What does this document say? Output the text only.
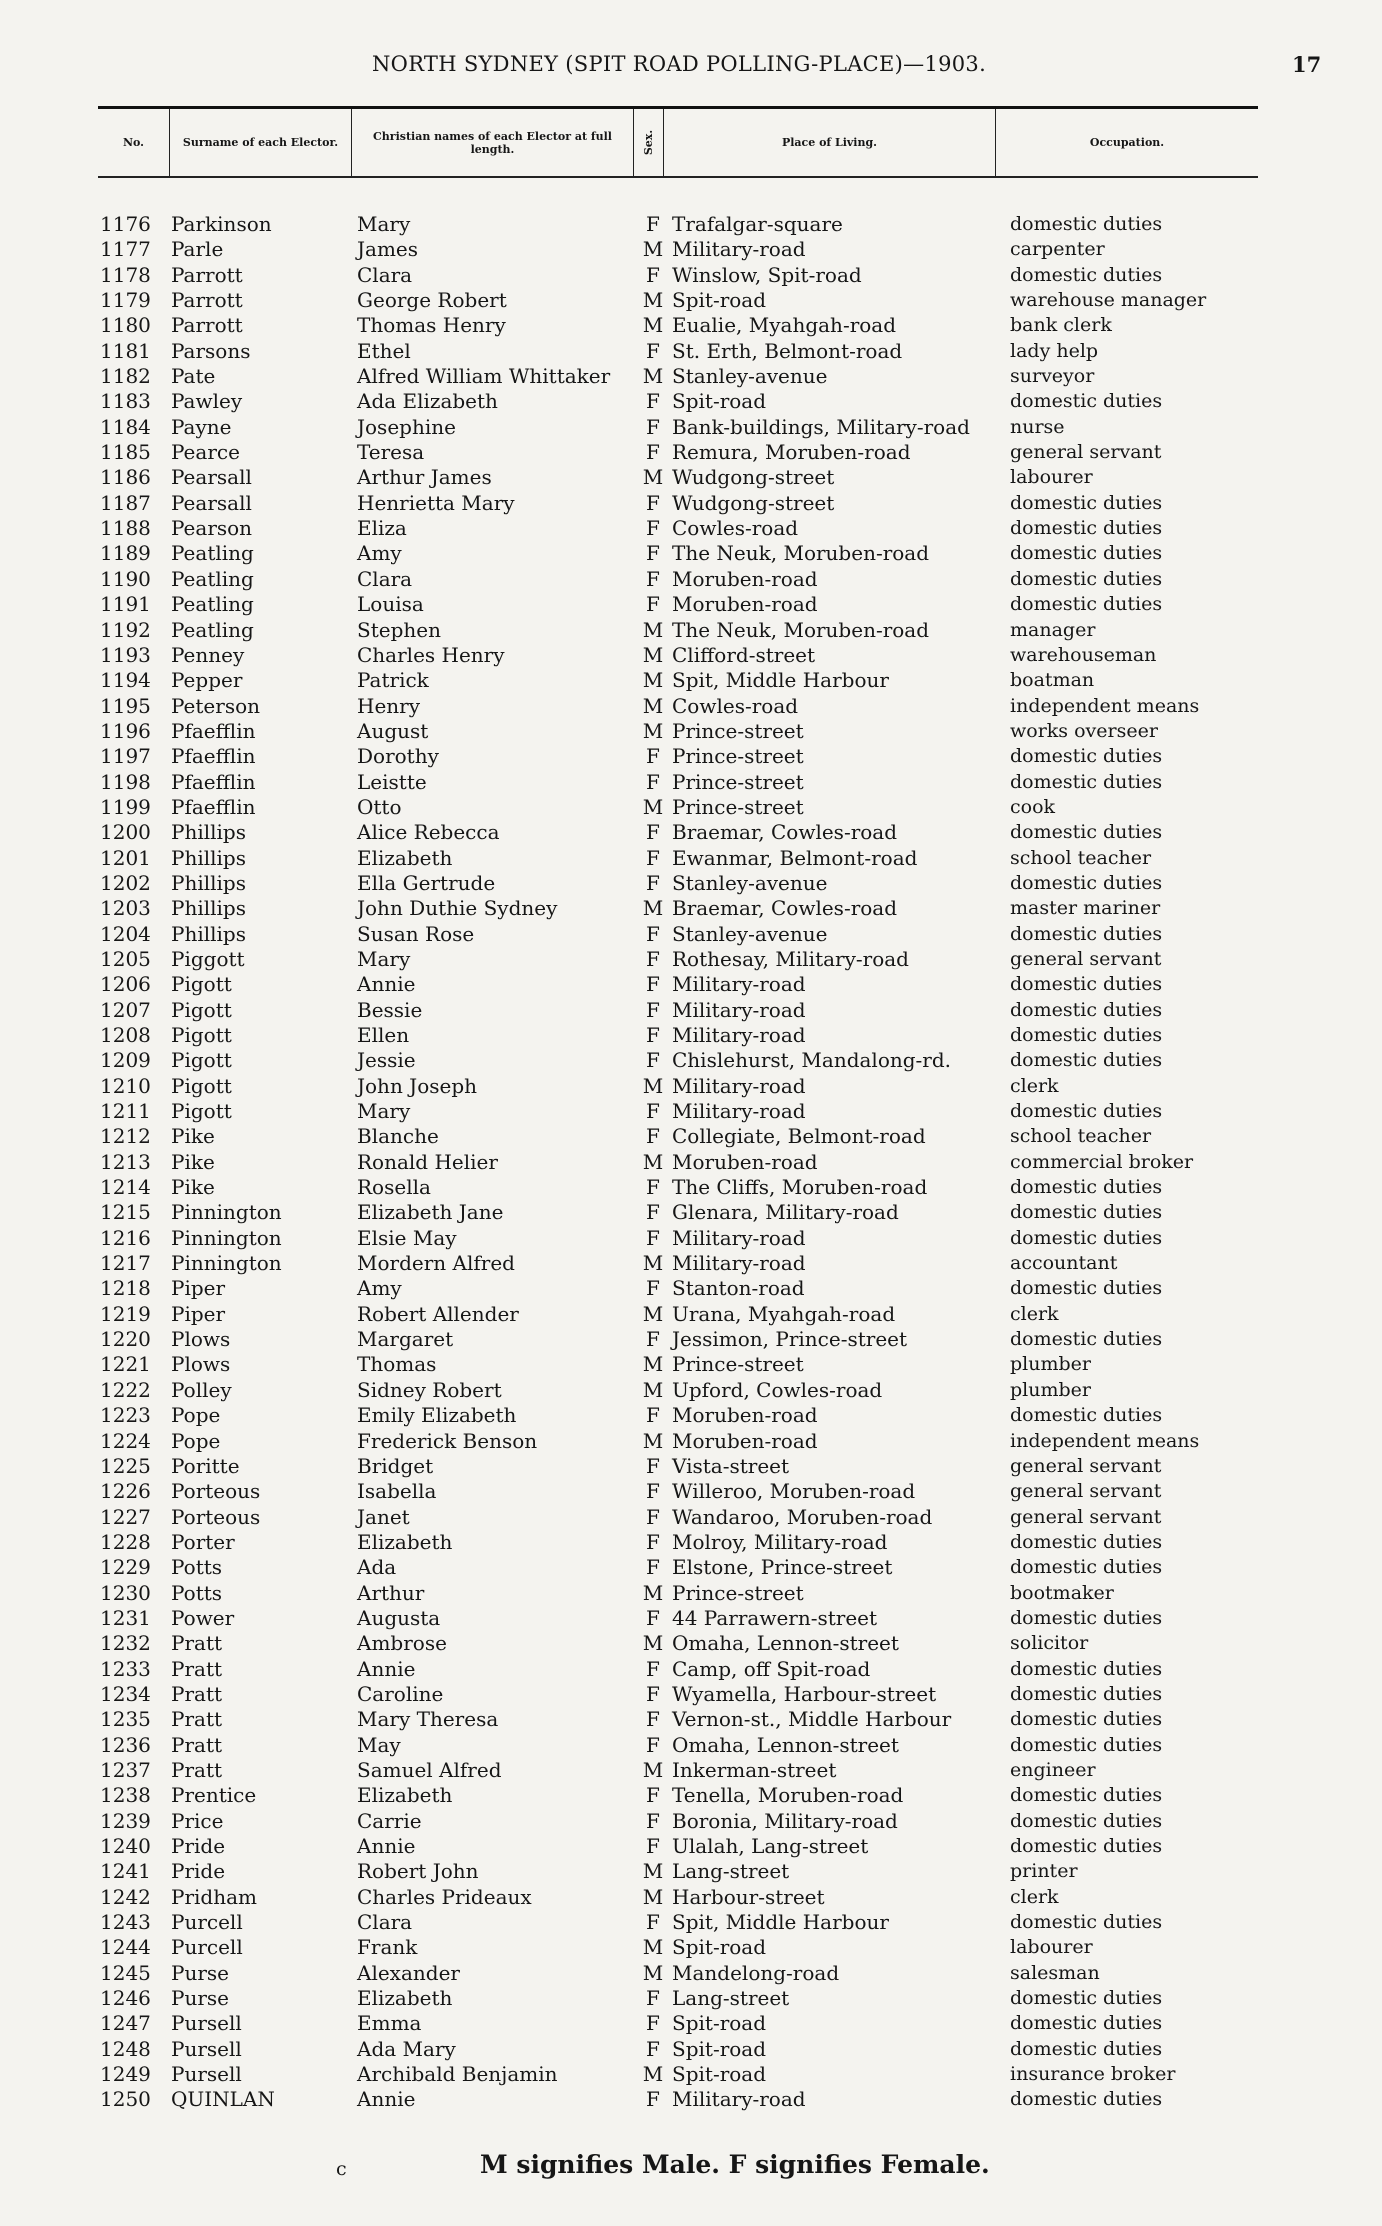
NORTH SYDNEY (SPIT ROAD POLLING-PLACE)—1903.	17
No.	Surname of each Elector.	Christian names of each Elector at full length.	Sex.	Place of Living.	Occupation.
1176	Parkinson	Mary	F Trafalgar-square	domestic duties
1177	Parle	James	M Military-road	carpenter
1178	Parrott	Clara	F Winslow, Spit-road	domestic duties
1179	Parrott	George Robert	M Spit-road	warehouse manager
1180	Parrott	Thomas Henry	M Eualie, Myahgah-road	bank clerk
1181	Parsons	Ethel	F St. Erth, Belmont-road	lady help
1182	Pate	Alfred William Whittaker M Stanley-avenue	surveyor
1183	Pawley	Ada Elizabeth	F Spit-road	domestic duties
1184	Payne	Josephine	F Bank-buildings, Military-road nurse
1185	Pearce	Teresa	F Remura, Moruben-road	general servant
1186	Pearsall	Arthur James	M Wudgong-street	labourer
1187	Pearsall	Henrietta Mary	F Wudgong-street	domestic duties
1188	Pearson	Eliza	F Cowles-road	domestic duties
1189	Peatling	Amy	F The Neuk, Moruben-road	domestic duties
1190	Peatling	Clara	F Moruben-road	domestic duties
1191	Peatling	Louisa	F Moruben-road	domestic duties
1192	Peatling	Stephen	M The Neuk, Moruben-road	manager
1193	Penney	Charles Henry	M Clifford-street	warehouseman
1194	Pepper	Patrick	M Spit, Middle Harbour	boatman
1195	Peterson	Henry	M Cowles-road	independent means
1196	Pfaefflin	August	M Prince-street	works overseer
1197	Pfaefflin	Dorothy	F Prince-street	domestic duties
1198	Pfaefflin	Leistte	F Prince-street	domestic duties
1199	Pfaefflin	Otto	M Prince-street	cook
1200	Phillips	Alice Rebecca	F Braemar, Cowles-road	domestic duties
1201	Phillips	Elizabeth	F Ewanmar, Belmont-road	school teacher
1202	Phillips	Ella Gertrude	F Stanley-avenue	domestic duties
1203	Phillips	John Duthie Sydney	M Braemar, Cowles-road	master mariner
1204	Phillips	Susan Rose	F Stanley-avenue	domestic duties
1205	Piggott	Mary	F Rothesay, Military-road	general servant
1206	Pigott	Annie	F Military-road	domestic duties
1207	Pigott	Bessie	F Military-road	domestic duties
1208	Pigott	Ellen	F Military-road	domestic duties
1209	Pigott	Jessie	F Chislehurst, Mandalong-rd.	domestic duties
1210	Pigott	John Joseph	M Military-road	clerk
1211	Pigott	Mary	F Military-road	domestic duties
1212	Pike	Blanche	F Collegiate, Belmont-road	school teacher
1213	Pike	Ronald Helier	M Moruben-road	commercial broker
1214	Pike	Rosella	F The Cliffs, Moruben-road	domestic duties
1215	Pinnington	Elizabeth Jane	F Glenara, Military-road	domestic duties
1216	Pinnington	Elsie May	F Military-road	domestic duties
1217	Pinnington	Mordern Alfred	M Military-road	accountant
1218	Piper	Amy	F Stanton-road	domestic duties
1219	Piper	Robert Allender	M Urana, Myahgah-road	clerk
1220	Plows	Margaret	F Jessimon, Prince-street	domestic duties
1221	Plows	Thomas	M Prince-street	plumber
1222	Polley	Sidney Robert	M Upford, Cowles-road	plumber
1223	Pope	Emily Elizabeth	F Moruben-road	domestic duties
1224	Pope	Frederick Benson	M Moruben-road	independent means
1225	Poritte	Bridget	F Vista-street	general servant
1226	Porteous	Isabella	F Willeroo, Moruben-road	general servant
1227	Porteous	Janet	F Wandaroo, Moruben-road	general servant
1228	Porter	Elizabeth	F Molroy, Military-road	domestic duties
1229	Potts	Ada	F Elstone, Prince-street	domestic duties
1230	Potts	Arthur	M Prince-street	bootmaker
1231	Power	Augusta	F 44 Parrawern-street	domestic duties
1232	Pratt	Ambrose	M Omaha, Lennon-street	solicitor
1233	Pratt	Annie	F Camp, off Spit-road	domestic duties
1234	Pratt	Caroline	F Wyamella, Harbour-street	domestic duties
1235	Pratt	Mary Theresa	F Vernon-st., Middle Harbour	domestic duties
1236	Pratt	May	F Omaha, Lennon-street	domestic duties
1237	Pratt	Samuel Alfred	M Inkerman-street	engineer
1238	Prentice	Elizabeth	F Tenella, Moruben-road	domestic duties
1239	Price	Carrie	F Boronia, Military-road	domestic duties
1240	Pride	Annie	F Ulalah, Lang-street	domestic duties
1241	Pride	Robert John	M Lang-street	printer
1242	Pridham	Charles Prideaux	M Harbour-street	clerk
1243	Purcell	Clara	F Spit, Middle Harbour	domestic duties
1244	Purcell	Frank	M Spit-road	labourer
1245	Purse	Alexander	M Mandelong-road	salesman
1246	Purse	Elizabeth	F Lang-street	domestic duties
1247	Pursell	Emma	F Spit-road	domestic duties
1248	Pursell	Ada Mary	F Spit-road	domestic duties
1249	Pursell	Archibald Benjamin	M Spit-road	insurance broker
1250	QUINLAN	Annie	F Military-road	domestic duties
c	M signifies Male. F signifies Female.
